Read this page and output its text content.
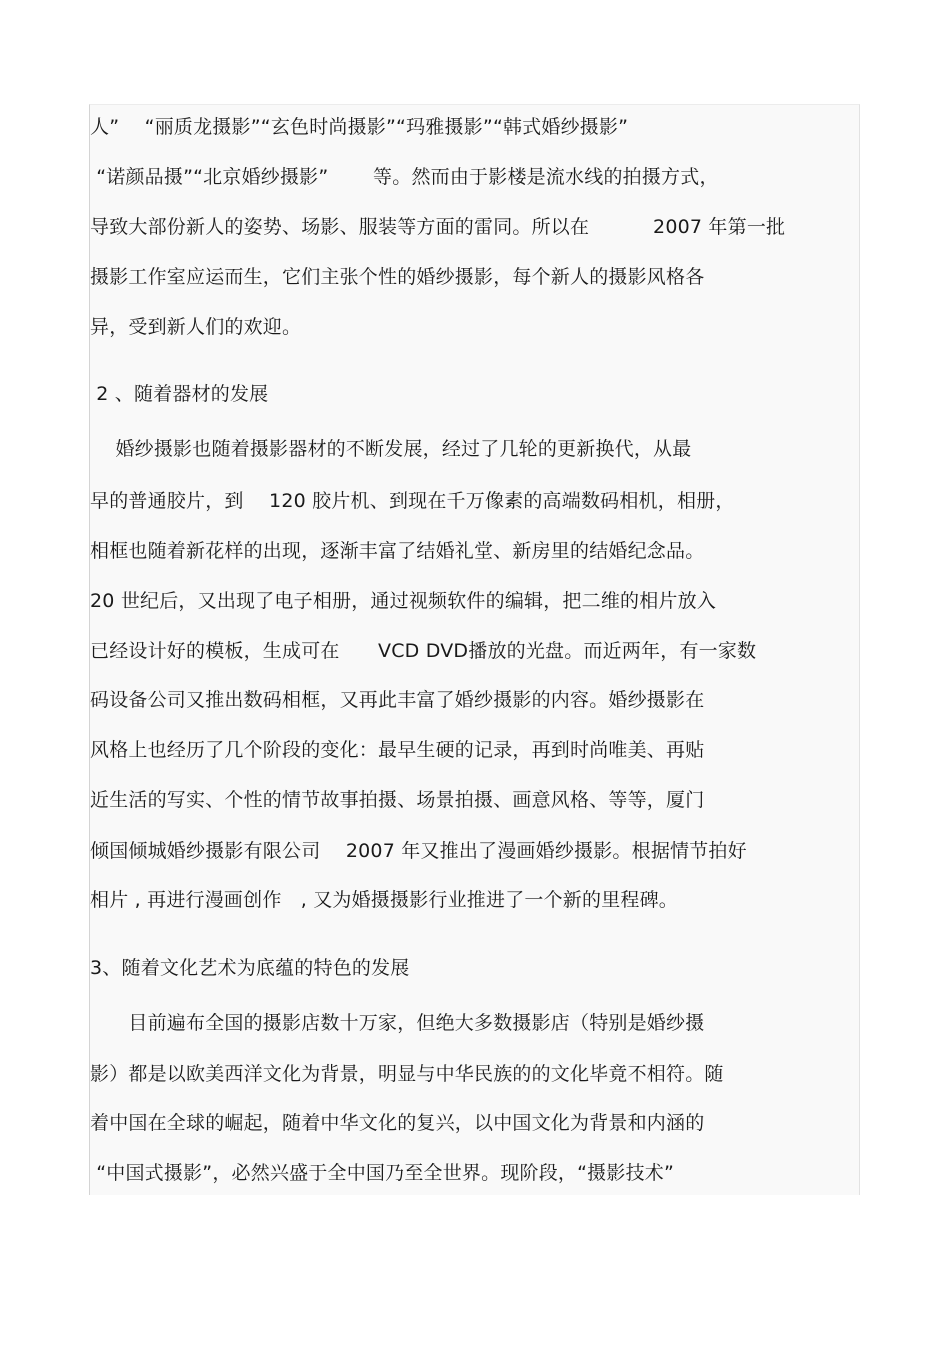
人”　 “丽质龙摄影”“玄色时尚摄影”“玛雅摄影”“韩式婚纱摄影”

“诺颜品摄”“北京婚纱摄影”　　 等。然而由于影楼是流水线的拍摄方式，

导致大部份新人的姿势、场影、服装等方面的雷同。所以在　　　 2007 年第一批

摄影工作室应运而生，它们主张个性的婚纱摄影，每个新人的摄影风格各

异，受到新人们的欢迎。

2 、随着器材的发展

　 婚纱摄影也随着摄影器材的不断发展，经过了几轮的更新换代，从最

早的普通胶片，到　 120 胶片机、到现在千万像素的高端数码相机，相册，

相框也随着新花样的出现，逐渐丰富了结婚礼堂、新房里的结婚纪念品。

20 世纪后，又出现了电子相册，通过视频软件的编辑，把二维的相片放入

已经设计好的模板，生成可在　　VCD DVD播放的光盘。而近两年，有一家数

码设备公司又推出数码相框，又再此丰富了婚纱摄影的内容。婚纱摄影在

风格上也经历了几个阶段的变化：最早生硬的记录，再到时尚唯美、再贴

近生活的写实、个性的情节故事拍摄、场景拍摄、画意风格、等等，厦门

倾国倾城婚纱摄影有限公司　 2007 年又推出了漫画婚纱摄影。根据情节拍好

相片 , 再进行漫画创作　, 又为婚摄摄影行业推进了一个新的里程碑。

3、随着文化艺术为底蕴的特色的发展

　　目前遍布全国的摄影店数十万家，但绝大多数摄影店（特别是婚纱摄

影）都是以欧美西洋文化为背景，明显与中华民族的的文化毕竟不相符。随

着中国在全球的崛起，随着中华文化的复兴，以中国文化为背景和内涵的

“中国式摄影”，必然兴盛于全中国乃至全世界。现阶段，“摄影技术”
